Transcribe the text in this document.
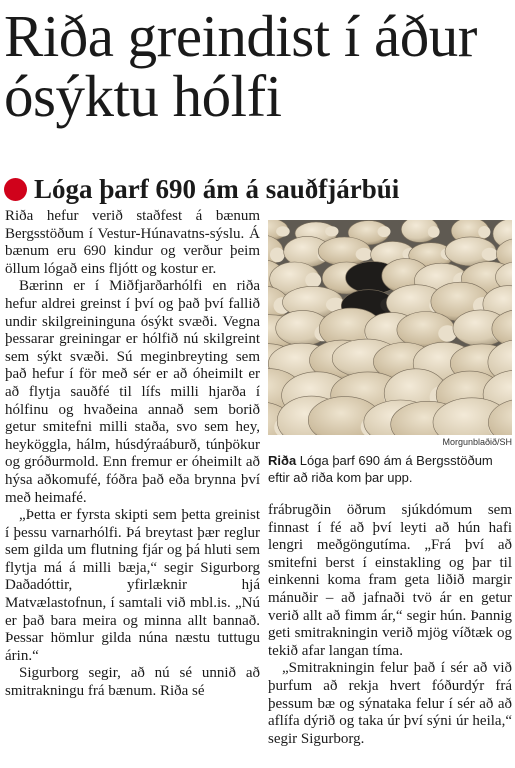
Riða greindist í áður ósýktu hólfi
Lóga þarf 690 ám á sauðfjárbúi

Riða hefur verið staðfest á bænum Bergsstöðum í Vestur-Húnavatns-sýslu. Á bænum eru 690 kindur og verður þeim öllum lógað eins fljótt og kostur er.

Bærinn er í Miðfjarðarhólfi en riða hefur aldrei greinst í því og það því fallið undir skilgreininguna ósýkt svæði. Vegna þessarar greiningar er hólfið nú skilgreint sem sýkt svæði. Sú meginbreyting sem það hefur í för með sér er að óheimilt er að flytja sauðfé til lífs milli hjarða í hólfinu og hvaðeina annað sem borið getur smitefni milli staða, svo sem hey, heyköggla, hálm, húsdýraáburð, túnþökur og gróðurmold. Enn fremur er óheimilt að hýsa aðkomufé, fóðra það eða brynna því með heimafé.

„Þetta er fyrsta skipti sem þetta greinist í þessu varnarhólfi. Þá breytast þær reglur sem gilda um flutning fjár og þá hluti sem flytja má á milli bæja,“ segir Sigurborg Daðadóttir, yfirlæknir hjá Matvælastofnun, í samtali við mbl.is. „Nú er það bara meira og minna allt bannað. Þessar hömlur gilda núna næstu tuttugu árin.“

Sigurborg segir, að nú sé unnið að smitrakningu frá bænum. Riða sé

Morgunblaðið/SH
Riða Lóga þarf 690 ám á Bergsstöðum eftir að riða kom þar upp.

frábrugðin öðrum sjúkdómum sem finnast í fé að því leyti að hún hafi lengri meðgöngutíma. „Frá því að smitefni berst í einstakling og þar til einkenni koma fram geta liðið margir mánuðir – að jafnaði tvö ár en getur verið allt að fimm ár,“ segir hún. Þannig geti smitrakningin verið mjög víðtæk og tekið afar langan tíma.

„Smitrakningin felur það í sér að við þurfum að rekja hvert fóðurdýr frá þessum bæ og sýnataka felur í sér að að aflífa dýrið og taka úr því sýni úr heila,“ segir Sigurborg.
